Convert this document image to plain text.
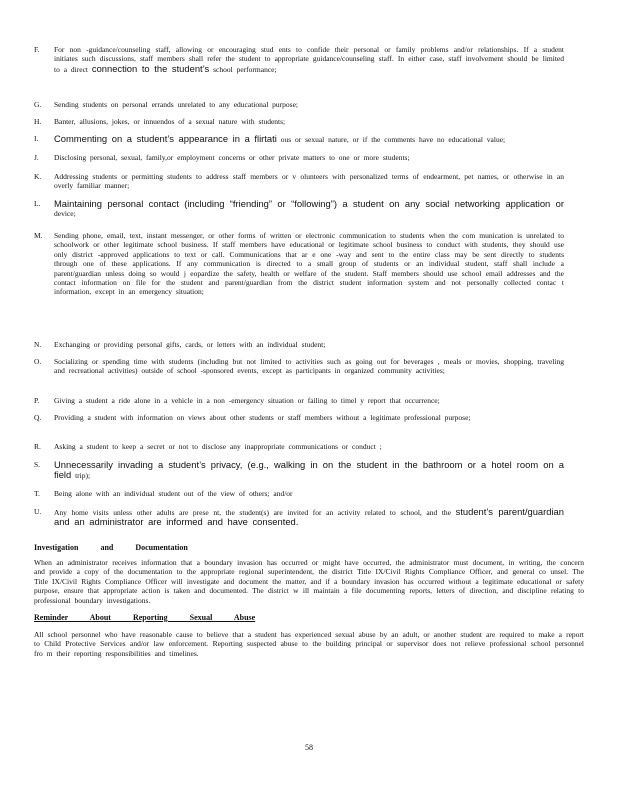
F. For non -guidance/counseling staff, allowing or encouraging stud ents to confide their personal or family problems and/or relationships. If a student initiates such discussions, staff members shall refer the student to appropriate guidance/counseling staff. In either case, staff involvement should be limited to a direct connection to the student’s school performance;
G. Sending students on personal errands unrelated to any educational purpose;
H. Banter, allusions, jokes, or innuendos of a sexual nature with students;
I. Commenting on a student’s appearance in a flirtati ous or sexual nature, or if the comments have no educational value;
J. Disclosing personal, sexual, family,or employment concerns or other private matters to one or more students;
K. Addressing students or permitting students to address staff members or v olunteers with personalized terms of endearment, pet names, or otherwise in an overly familiar manner;
L. Maintaining personal contact (including “friending” or “following”) a student on any social networking application or device;
M. Sending phone, email, text, instant messenger, or other forms of written or electronic communication to students when the com munication is unrelated to schoolwork or other legitimate school business. If staff members have educational or legitimate school business to conduct with students, they should use only district -approved applications to text or call. Communications that ar e one -way and sent to the entire class may be sent directly to students through one of these applications. If any communication is directed to a small group of students or an individual student, staff shall include a parent/guardian unless doing so would j eopardize the safety, health or welfare of the student. Staff members should use school email addresses and the contact information on file for the student and parent/guardian from the district student information system and not personally collected contac t information, except in an emergency situation;
N. Exchanging or providing personal gifts, cards, or letters with an individual student;
O. Socializing or spending time with students (including but not limited to activities such as going out for beverages , meals or movies, shopping, traveling and recreational activities) outside of school -sponsored events, except as participants in organized community activities;
P. Giving a student a ride alone in a vehicle in a non -emergency situation or failing to timel y report that occurrence;
Q. Providing a student with information on views about other students or staff members without a legitimate professional purpose;
R. Asking a student to keep a secret or not to disclose any inappropriate communications or conduct ;
S. Unnecessarily invading a student’s privacy, (e.g., walking in on the student in the bathroom or a hotel room on a field trip);
T. Being alone with an individual student out of the view of others; and/or
U. Any home visits unless other adults are prese nt, the student(s) are invited for an activity related to school, and the student’s parent/guardian and an administrator are informed and have consented.
Investigation and Documentation
When an administrator receives information that a boundary invasion has occurred or might have occurred, the administrator must document, in writing, the concern and provide a copy of the documentation to the appropriate regional superintendent, the district Title IX/Civil Rights Compliance Officer, and general co unsel. The Title IX/Civil Rights Compliance Officer will investigate and document the matter, and if a boundary invasion has occurred without a legitimate educational or safety purpose, ensure that appropriate action is taken and documented. The district w ill maintain a file documenting reports, letters of direction, and discipline relating to professional boundary investigations.
Reminder About Reporting Sexual Abuse
All school personnel who have reasonable cause to believe that a student has experienced sexual abuse by an adult, or another student are required to make a report to Child Protective Services and/or law enforcement. Reporting suspected abuse to the building principal or supervisor does not relieve professional school personnel fro m their reporting responsibilities and timelines.
58
